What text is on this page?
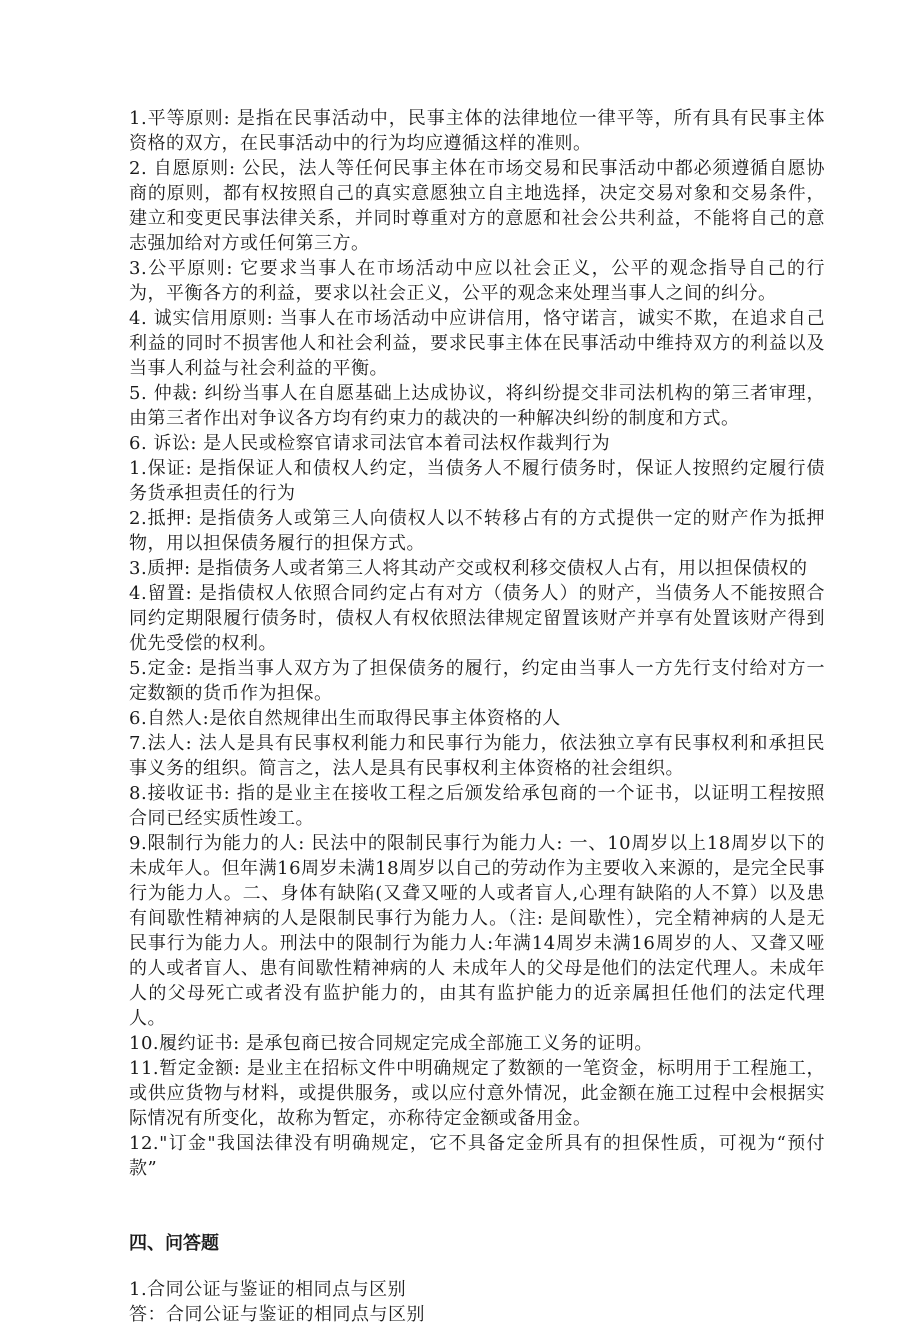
1.平等原则: 是指在民事活动中，民事主体的法律地位一律平等，所有具有民事主体资格的双方，在民事活动中的行为均应遵循这样的准则。

2. 自愿原则: 公民，法人等任何民事主体在市场交易和民事活动中都必须遵循自愿协商的原则，都有权按照自己的真实意愿独立自主地选择，决定交易对象和交易条件，建立和变更民事法律关系，并同时尊重对方的意愿和社会公共利益，不能将自己的意志强加给对方或任何第三方。

3.公平原则: 它要求当事人在市场活动中应以社会正义，公平的观念指导自己的行为，平衡各方的利益，要求以社会正义，公平的观念来处理当事人之间的纠分。

4. 诚实信用原则: 当事人在市场活动中应讲信用，恪守诺言，诚实不欺，在追求自己利益的同时不损害他人和社会利益，要求民事主体在民事活动中维持双方的利益以及当事人利益与社会利益的平衡。

5. 仲裁: 纠纷当事人在自愿基础上达成协议，将纠纷提交非司法机构的第三者审理，由第三者作出对争议各方均有约束力的裁决的一种解决纠纷的制度和方式。

6. 诉讼: 是人民或检察官请求司法官本着司法权作裁判行为

1.保证: 是指保证人和债权人约定，当债务人不履行债务时，保证人按照约定履行债务货承担责任的行为

2.抵押: 是指债务人或第三人向债权人以不转移占有的方式提供一定的财产作为抵押物，用以担保债务履行的担保方式。

3.质押: 是指债务人或者第三人将其动产交或权利移交债权人占有，用以担保债权的

4.留置: 是指债权人依照合同约定占有对方（债务人）的财产，当债务人不能按照合同约定期限履行债务时，债权人有权依照法律规定留置该财产并享有处置该财产得到优先受偿的权利。

5.定金: 是指当事人双方为了担保债务的履行，约定由当事人一方先行支付给对方一定数额的货币作为担保。

6.自然人:是依自然规律出生而取得民事主体资格的人

7.法人: 法人是具有民事权利能力和民事行为能力，依法独立享有民事权利和承担民事义务的组织。简言之，法人是具有民事权利主体资格的社会组织。

8.接收证书: 指的是业主在接收工程之后颁发给承包商的一个证书，以证明工程按照合同已经实质性竣工。

9.限制行为能力的人: 民法中的限制民事行为能力人: 一、10周岁以上18周岁以下的未成年人。但年满16周岁未满18周岁以自己的劳动作为主要收入来源的，是完全民事行为能力人。二、身体有缺陷(又聋又哑的人或者盲人,心理有缺陷的人不算）以及患有间歇性精神病的人是限制民事行为能力人。（注: 是间歇性），完全精神病的人是无民事行为能力人。刑法中的限制行为能力人:年满14周岁未满16周岁的人、又聋又哑的人或者盲人、患有间歇性精神病的人 未成年人的父母是他们的法定代理人。未成年人的父母死亡或者没有监护能力的，由其有监护能力的近亲属担任他们的法定代理人。

10.履约证书: 是承包商已按合同规定完成全部施工义务的证明。

11.暂定金额: 是业主在招标文件中明确规定了数额的一笔资金，标明用于工程施工，或供应货物与材料，或提供服务，或以应付意外情况，此金额在施工过程中会根据实际情况有所变化，故称为暂定，亦称待定金额或备用金。

12."订金"我国法律没有明确规定，它不具备定金所具有的担保性质，可视为“预付款”

四、问答题

1.合同公证与鉴证的相同点与区别

答：合同公证与鉴证的相同点与区别
